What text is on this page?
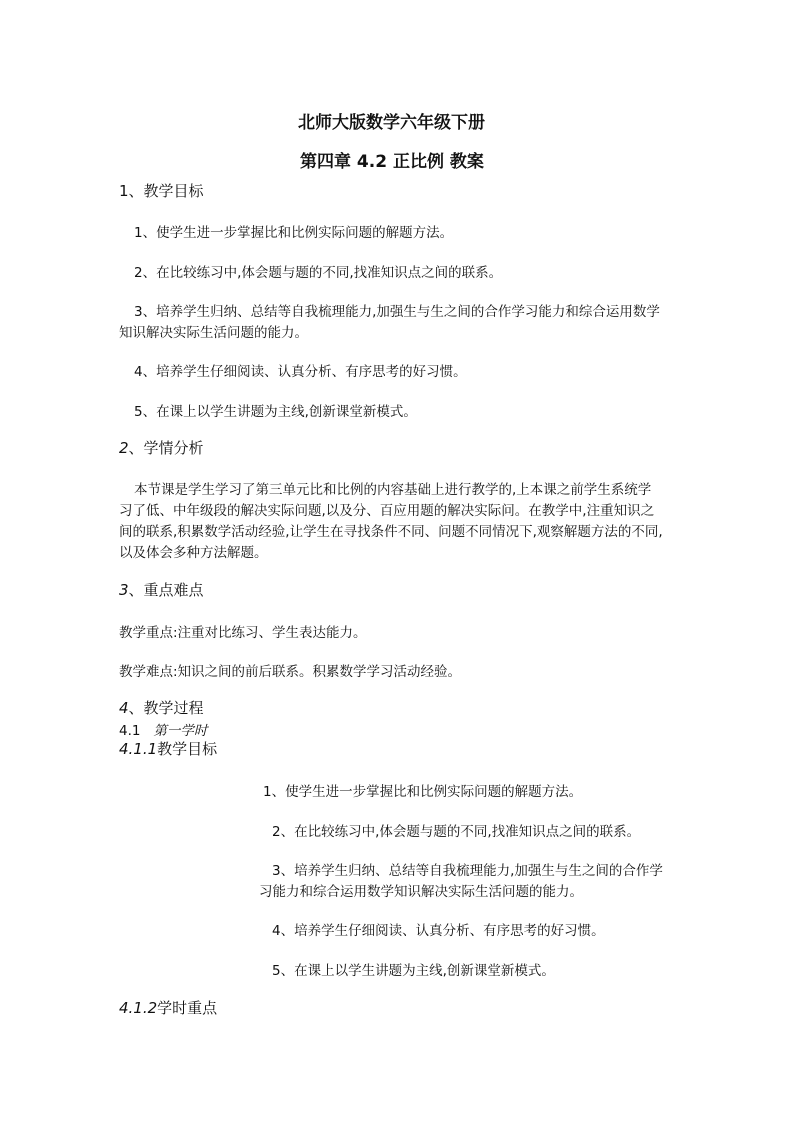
北师大版数学六年级下册
第四章 4.2 正比例 教案
1、教学目标
1、使学生进一步掌握比和比例实际问题的解题方法。
2、在比较练习中,体会题与题的不同,找准知识点之间的联系。
3、培养学生归纳、总结等自我梳理能力,加强生与生之间的合作学习能力和综合运用数学
知识解决实际生活问题的能力。
4、培养学生仔细阅读、认真分析、有序思考的好习惯。
5、在课上以学生讲题为主线,创新课堂新模式。
2、学情分析
本节课是学生学习了第三单元比和比例的内容基础上进行教学的,上本课之前学生系统学
习了低、中年级段的解决实际问题,以及分、百应用题的解决实际问。在教学中,注重知识之
间的联系,积累数学活动经验,让学生在寻找条件不同、问题不同情况下,观察解题方法的不同,
以及体会多种方法解题。
3、重点难点
教学重点:注重对比练习、学生表达能力。
教学难点:知识之间的前后联系。积累数学学习活动经验。
4、教学过程
4.1 第一学时
4.1.1教学目标
1、使学生进一步掌握比和比例实际问题的解题方法。
2、在比较练习中,体会题与题的不同,找准知识点之间的联系。
3、培养学生归纳、总结等自我梳理能力,加强生与生之间的合作学
习能力和综合运用数学知识解决实际生活问题的能力。
4、培养学生仔细阅读、认真分析、有序思考的好习惯。
5、在课上以学生讲题为主线,创新课堂新模式。
4.1.2学时重点
